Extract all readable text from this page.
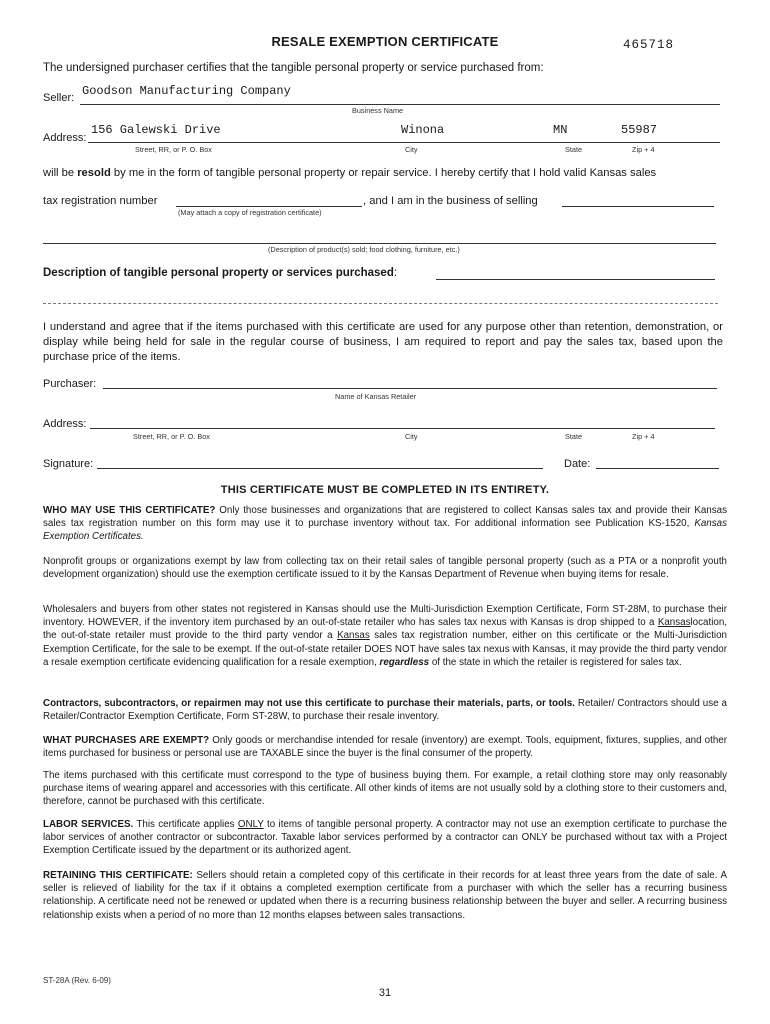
RESALE EXEMPTION CERTIFICATE	465718
The undersigned purchaser certifies that the tangible personal property or service purchased from:
Seller: Goodson Manufacturing Company
Business Name
Address:
156 Galewski Drive	Winona	MN	55987
Street, RR, or P. O. Box	City	State	Zip + 4
will be resold by me in the form of tangible personal property or repair service. I hereby certify that I hold valid Kansas sales
tax registration number	, and I am in the business of selling
(May attach a copy of registration certificate)
(Description of product(s) sold; food clothing, furniture, etc.)
Description of tangible personal property or services purchased:
I understand and agree that if the items purchased with this certificate are used for any purpose other than retention, demonstration, or display while being held for sale in the regular course of business, I am required to report and pay the sales tax, based upon the purchase price of the items.
Purchaser:
Name of Kansas Retailer
Address:
Street, RR, or P. O. Box	City	State	Zip + 4
Signature:	Date:
THIS CERTIFICATE MUST BE COMPLETED IN ITS ENTIRETY.
WHO MAY USE THIS CERTIFICATE? Only those businesses and organizations that are registered to collect Kansas sales tax and provide their Kansas sales tax registration number on this form may use it to purchase inventory without tax. For additional information see Publication KS-1520, Kansas Exemption Certificates.
Nonprofit groups or organizations exempt by law from collecting tax on their retail sales of tangible personal property (such as a PTA or a nonprofit youth development organization) should use the exemption certificate issued to it by the Kansas Department of Revenue when buying items for resale.
Wholesalers and buyers from other states not registered in Kansas should use the Multi-Jurisdiction Exemption Certificate, Form ST-28M, to purchase their inventory. HOWEVER, if the inventory item purchased by an out-of-state retailer who has sales tax nexus with Kansas is drop shipped to a Kansaslocation, the out-of-state retailer must provide to the third party vendor a Kansas sales tax registration number, either on this certificate or the Multi-Jurisdiction Exemption Certificate, for the sale to be exempt. If the out-of-state retailer DOES NOT have sales tax nexus with Kansas, it may provide the third party vendor a resale exemption certificate evidencing qualification for a resale exemption, regardless of the state in which the retailer is registered for sales tax.
Contractors, subcontractors, or repairmen may not use this certificate to purchase their materials, parts, or tools. Retailer/ Contractors should use a Retailer/Contractor Exemption Certificate, Form ST-28W, to purchase their resale inventory.
WHAT PURCHASES ARE EXEMPT? Only goods or merchandise intended for resale (inventory) are exempt. Tools, equipment, fixtures, supplies, and other items purchased for business or personal use are TAXABLE since the buyer is the final consumer of the property.
The items purchased with this certificate must correspond to the type of business buying them. For example, a retail clothing store may only reasonably purchase items of wearing apparel and accessories with this certificate. All other kinds of items are not usually sold by a clothing store to their customers and, therefore, cannot be purchased with this certificate.
LABOR SERVICES. This certificate applies ONLY to items of tangible personal property. A contractor may not use an exemption certificate to purchase the labor services of another contractor or subcontractor. Taxable labor services performed by a contractor can ONLY be purchased without tax with a Project Exemption Certificate issued by the department or its authorized agent.
RETAINING THIS CERTIFICATE: Sellers should retain a completed copy of this certificate in their records for at least three years from the date of sale. A seller is relieved of liability for the tax if it obtains a completed exemption certificate from a purchaser with which the seller has a recurring business relationship. A certificate need not be renewed or updated when there is a recurring business relationship between the buyer and seller. A recurring business relationship exists when a period of no more than 12 months elapses between sales transactions.
ST-28A (Rev. 6-09)
31
